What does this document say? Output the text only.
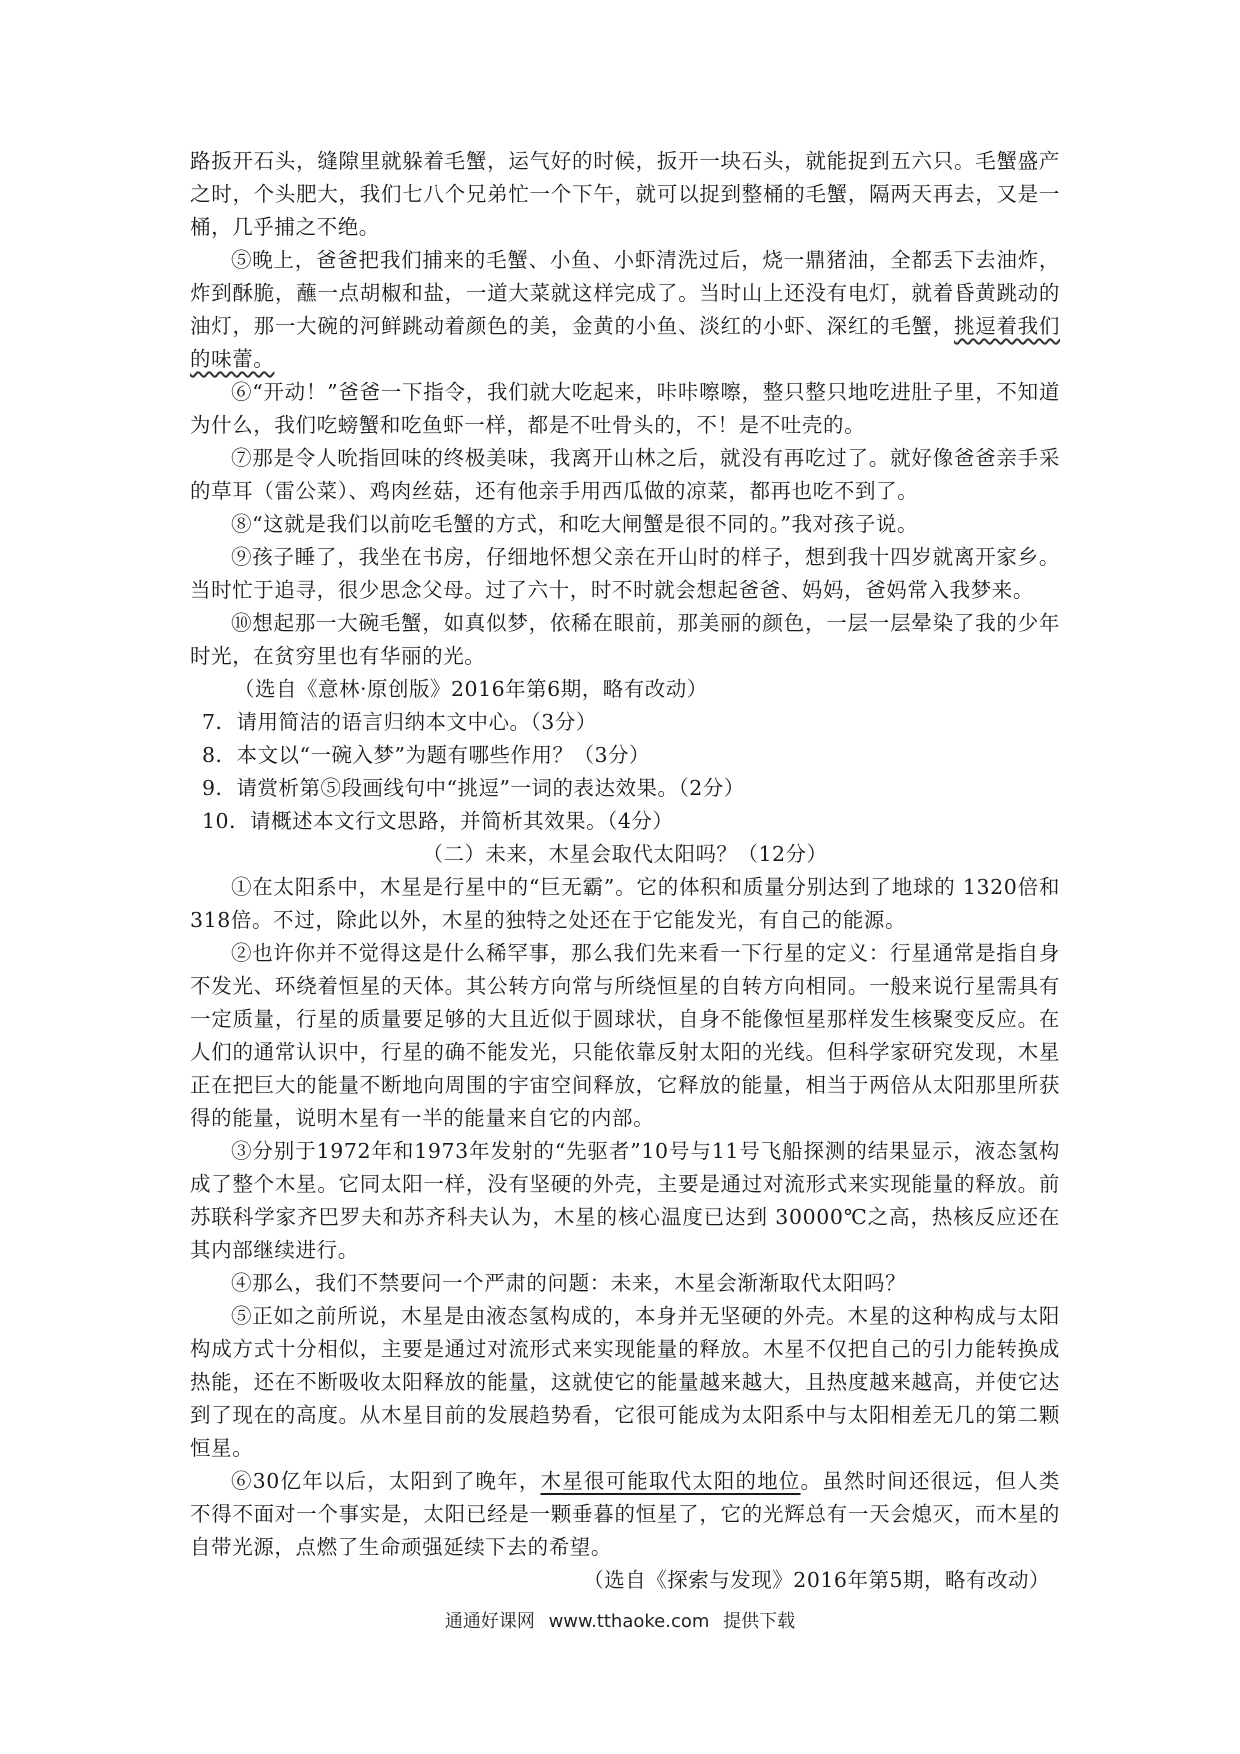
路扳开石头，缝隙里就躲着毛蟹，运气好的时候，扳开一块石头，就能捉到五六只。毛蟹盛产之时，个头肥大，我们七八个兄弟忙一个下午，就可以捉到整桶的毛蟹，隔两天再去，又是一桶，几乎捕之不绝。

⑤晚上，爸爸把我们捕来的毛蟹、小鱼、小虾清洗过后，烧一鼎猪油，全都丢下去油炸，炸到酥脆，蘸一点胡椒和盐，一道大菜就这样完成了。当时山上还没有电灯，就着昏黄跳动的油灯，那一大碗的河鲜跳动着颜色的美，金黄的小鱼、淡红的小虾、深红的毛蟹，挑逗着我们的味蕾。

⑥“开动！”爸爸一下指令，我们就大吃起来，咔咔嚓嚓，整只整只地吃进肚子里，不知道为什么，我们吃螃蟹和吃鱼虾一样，都是不吐骨头的，不！是不吐壳的。

⑦那是令人吮指回味的终极美味，我离开山林之后，就没有再吃过了。就好像爸爸亲手采的草耳（雷公菜）、鸡肉丝菇，还有他亲手用西瓜做的凉菜，都再也吃不到了。

⑧“这就是我们以前吃毛蟹的方式，和吃大闸蟹是很不同的。”我对孩子说。

⑨孩子睡了，我坐在书房，仔细地怀想父亲在开山时的样子，想到我十四岁就离开家乡。当时忙于追寻，很少思念父母。过了六十，时不时就会想起爸爸、妈妈，爸妈常入我梦来。

⑩想起那一大碗毛蟹，如真似梦，依稀在眼前，那美丽的颜色，一层一层晕染了我的少年时光，在贫穷里也有华丽的光。

（选自《意林·原创版》2016年第6期，略有改动）

7．请用简洁的语言归纳本文中心。（3分）

8．本文以“一碗入梦”为题有哪些作用？（3分）

9．请赏析第⑤段画线句中“挑逗”一词的表达效果。（2分）

10．请概述本文行文思路，并简析其效果。（4分）

（二）未来，木星会取代太阳吗？（12分）

①在太阳系中，木星是行星中的“巨无霸”。它的体积和质量分别达到了地球的 1320倍和318倍。不过，除此以外，木星的独特之处还在于它能发光，有自己的能源。

②也许你并不觉得这是什么稀罕事，那么我们先来看一下行星的定义：行星通常是指自身不发光、环绕着恒星的天体。其公转方向常与所绕恒星的自转方向相同。一般来说行星需具有一定质量，行星的质量要足够的大且近似于圆球状，自身不能像恒星那样发生核聚变反应。在人们的通常认识中，行星的确不能发光，只能依靠反射太阳的光线。但科学家研究发现，木星正在把巨大的能量不断地向周围的宇宙空间释放，它释放的能量，相当于两倍从太阳那里所获得的能量，说明木星有一半的能量来自它的内部。

③分别于1972年和1973年发射的“先驱者”10号与11号飞船探测的结果显示，液态氢构成了整个木星。它同太阳一样，没有坚硬的外壳，主要是通过对流形式来实现能量的释放。前苏联科学家齐巴罗夫和苏齐科夫认为，木星的核心温度已达到 30000℃之高，热核反应还在其内部继续进行。

④那么，我们不禁要问一个严肃的问题：未来，木星会渐渐取代太阳吗？

⑤正如之前所说，木星是由液态氢构成的，本身并无坚硬的外壳。木星的这种构成与太阳构成方式十分相似，主要是通过对流形式来实现能量的释放。木星不仅把自己的引力能转换成热能，还在不断吸收太阳释放的能量，这就使它的能量越来越大，且热度越来越高，并使它达到了现在的高度。从木星目前的发展趋势看，它很可能成为太阳系中与太阳相差无几的第二颗恒星。

⑥30亿年以后，太阳到了晚年，木星很可能取代太阳的地位。虽然时间还很远，但人类不得不面对一个事实是，太阳已经是一颗垂暮的恒星了，它的光辉总有一天会熄灭，而木星的自带光源，点燃了生命顽强延续下去的希望。

（选自《探索与发现》2016年第5期，略有改动）

通通好课网 www.tthaoke.com 提供下载
